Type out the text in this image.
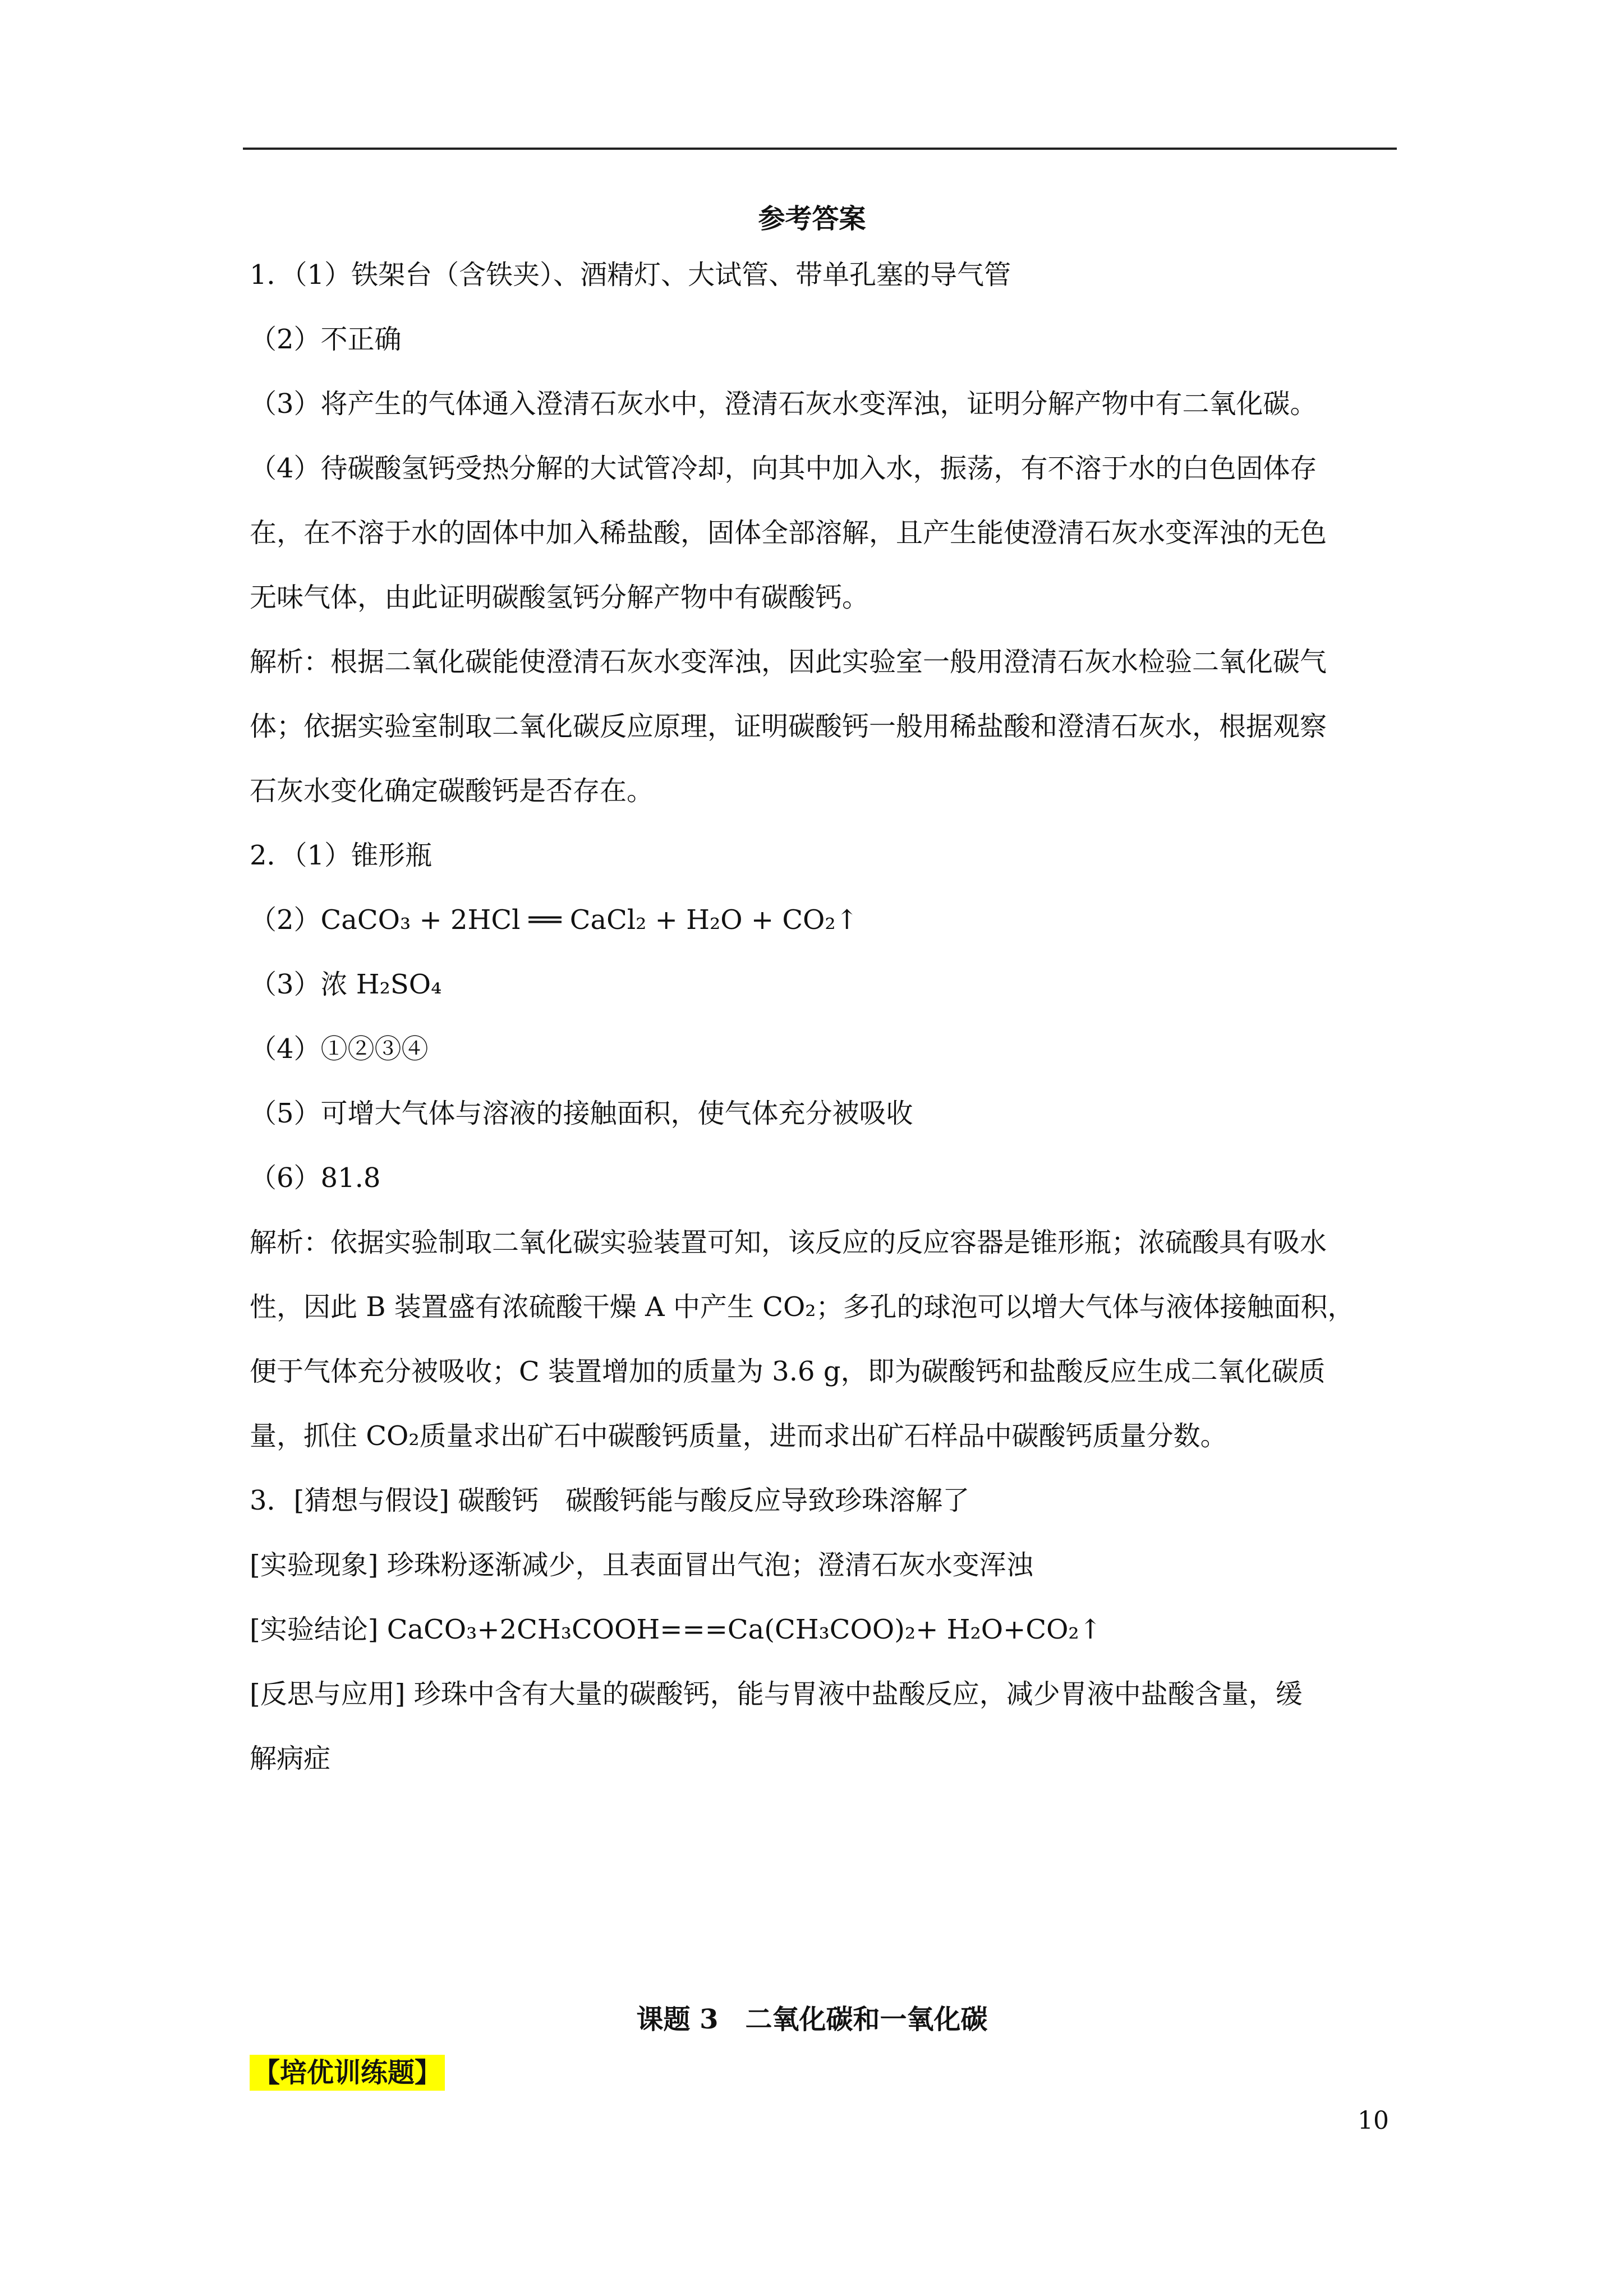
参考答案
1．（1）铁架台（含铁夹）、酒精灯、大试管、带单孔塞的导气管
（2）不正确
（3）将产生的气体通入澄清石灰水中，澄清石灰水变浑浊，证明分解产物中有二氧化碳。
（4）待碳酸氢钙受热分解的大试管冷却，向其中加入水，振荡，有不溶于水的白色固体存
在，在不溶于水的固体中加入稀盐酸，固体全部溶解，且产生能使澄清石灰水变浑浊的无色
无味气体，由此证明碳酸氢钙分解产物中有碳酸钙。
解析：根据二氧化碳能使澄清石灰水变浑浊，因此实验室一般用澄清石灰水检验二氧化碳气
体；依据实验室制取二氧化碳反应原理，证明碳酸钙一般用稀盐酸和澄清石灰水，根据观察
石灰水变化确定碳酸钙是否存在。
2．（1）锥形瓶
（2）CaCO₃ + 2HCl ══ CaCl₂ + H₂O + CO₂↑
（3）浓 H₂SO₄
（4）①②③④
（5）可增大气体与溶液的接触面积，使气体充分被吸收
（6）81.8
解析：依据实验制取二氧化碳实验装置可知，该反应的反应容器是锥形瓶；浓硫酸具有吸水
性，因此 B 装置盛有浓硫酸干燥 A 中产生 CO₂；多孔的球泡可以增大气体与液体接触面积，
便于气体充分被吸收；C 装置增加的质量为 3.6 g，即为碳酸钙和盐酸反应生成二氧化碳质
量，抓住 CO₂质量求出矿石中碳酸钙质量，进而求出矿石样品中碳酸钙质量分数。
3．[猜想与假设] 碳酸钙　碳酸钙能与酸反应导致珍珠溶解了
[实验现象] 珍珠粉逐渐减少，且表面冒出气泡；澄清石灰水变浑浊
[实验结论] CaCO₃+2CH₃COOH===Ca(CH₃COO)₂+ H₂O+CO₂↑
[反思与应用] 珍珠中含有大量的碳酸钙，能与胃液中盐酸反应，减少胃液中盐酸含量，缓
解病症
课题 3　二氧化碳和一氧化碳
【培优训练题】
10
